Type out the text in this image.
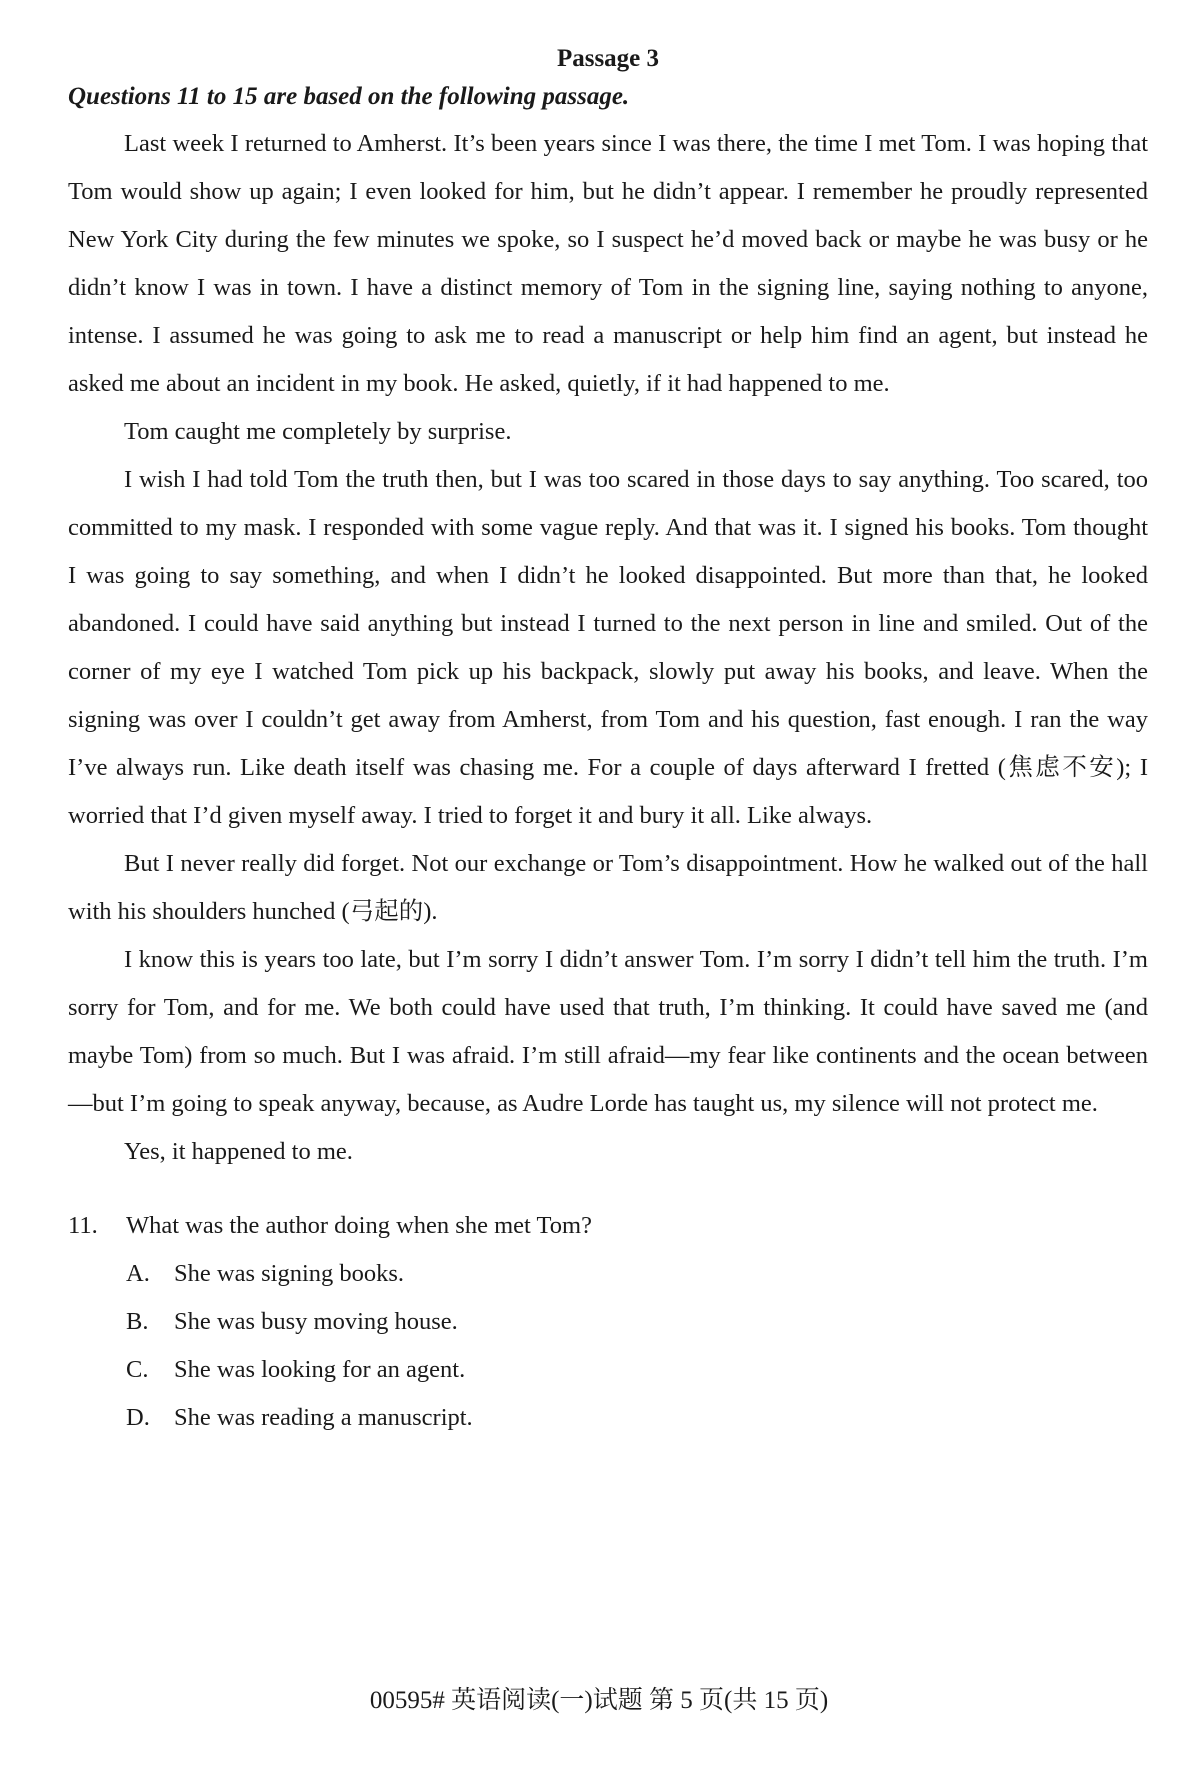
Passage 3

Questions 11 to 15 are based on the following passage.

Last week I returned to Amherst. It’s been years since I was there, the time I met Tom. I was hoping that Tom would show up again; I even looked for him, but he didn’t appear. I remember he proudly represented New York City during the few minutes we spoke, so I suspect he’d moved back or maybe he was busy or he didn’t know I was in town. I have a distinct memory of Tom in the signing line, saying nothing to anyone, intense. I assumed he was going to ask me to read a manuscript or help him find an agent, but instead he asked me about an incident in my book. He asked, quietly, if it had happened to me.

Tom caught me completely by surprise.

I wish I had told Tom the truth then, but I was too scared in those days to say anything. Too scared, too committed to my mask. I responded with some vague reply. And that was it. I signed his books. Tom thought I was going to say something, and when I didn’t he looked disappointed. But more than that, he looked abandoned. I could have said anything but instead I turned to the next person in line and smiled. Out of the corner of my eye I watched Tom pick up his backpack, slowly put away his books, and leave. When the signing was over I couldn’t get away from Amherst, from Tom and his question, fast enough. I ran the way I’ve always run. Like death itself was chasing me. For a couple of days afterward I fretted (焦虑不安); I worried that I’d given myself away. I tried to forget it and bury it all. Like always.

But I never really did forget. Not our exchange or Tom’s disappointment. How he walked out of the hall with his shoulders hunched (弓起的).

I know this is years too late, but I’m sorry I didn’t answer Tom. I’m sorry I didn’t tell him the truth. I’m sorry for Tom, and for me. We both could have used that truth, I’m thinking. It could have saved me (and maybe Tom) from so much. But I was afraid. I’m still afraid—my fear like continents and the ocean between—but I’m going to speak anyway, because, as Audre Lorde has taught us, my silence will not protect me.

Yes, it happened to me.

11.	What was the author doing when she met Tom?

A. She was signing books.

B.	She was busy moving house.

C.	She was looking for an agent.

D. She was reading a manuscript.

00595# 英语阅读(一)试题 第 5 页(共 15 页)
